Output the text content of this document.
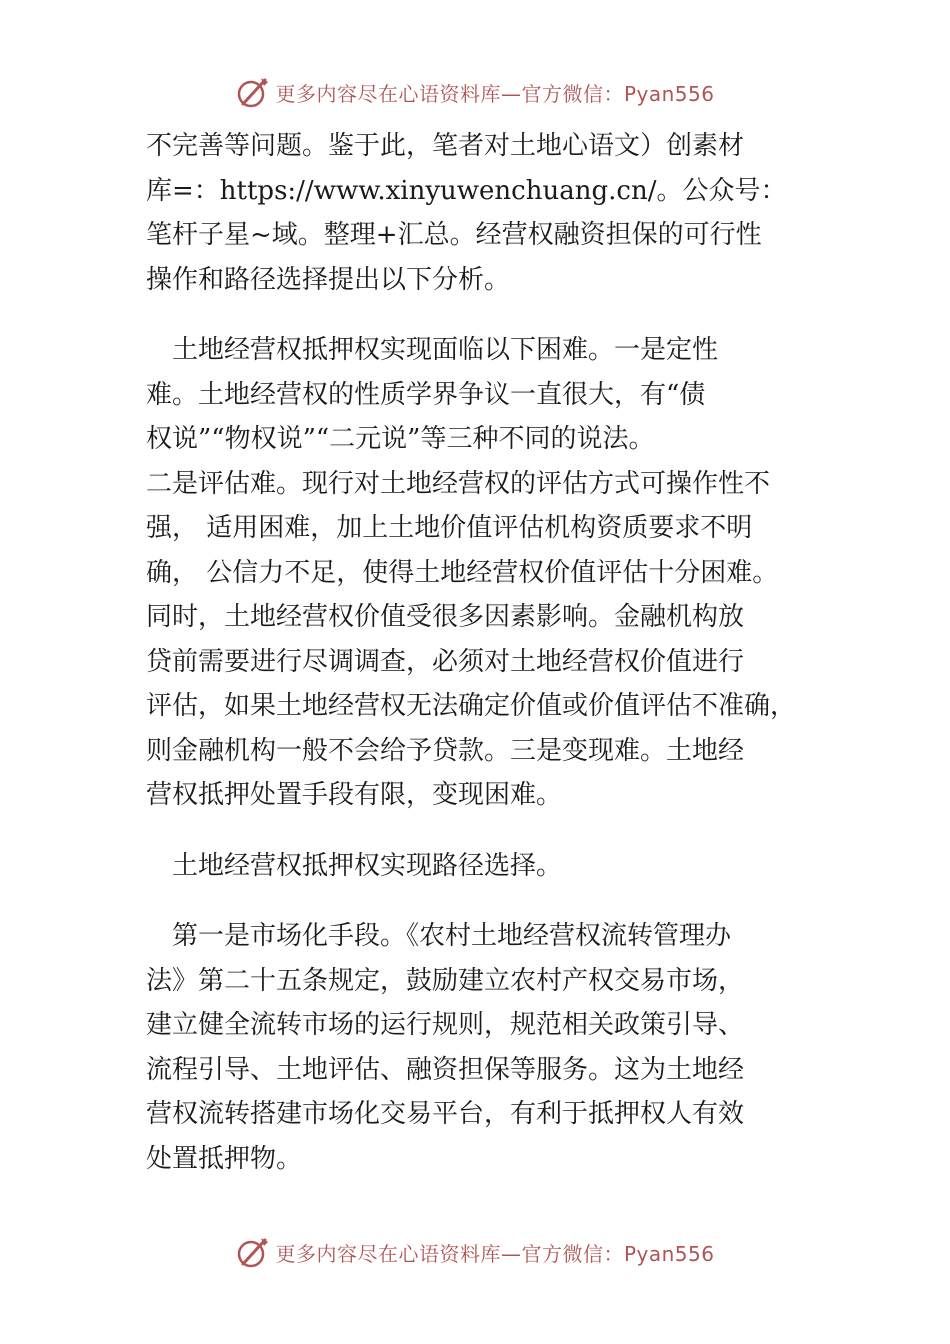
更多内容尽在心语资料库—官方微信：Pyan556
不完善等问题。鉴于此，笔者对土地心语文）创素材
库=：https://www.xinyuwenchuang.cn/。公众号：
笔杆子星~域。整理+汇总。经营权融资担保的可行性
操作和路径选择提出以下分析。
　土地经营权抵押权实现面临以下困难。一是定性
难。土地经营权的性质学界争议一直很大，有“债
权说”“物权说”“二元说”等三种不同的说法。
二是评估难。现行对土地经营权的评估方式可操作性不
强， 适用困难，加上土地价值评估机构资质要求不明
确， 公信力不足，使得土地经营权价值评估十分困难。
同时，土地经营权价值受很多因素影响。金融机构放
贷前需要进行尽调调查，必须对土地经营权价值进行
评估，如果土地经营权无法确定价值或价值评估不准确，
则金融机构一般不会给予贷款。三是变现难。土地经
营权抵押处置手段有限，变现困难。
　土地经营权抵押权实现路径选择。
　第一是市场化手段。《农村土地经营权流转管理办
法》第二十五条规定，鼓励建立农村产权交易市场，
建立健全流转市场的运行规则，规范相关政策引导、
流程引导、土地评估、融资担保等服务。这为土地经
营权流转搭建市场化交易平台，有利于抵押权人有效
处置抵押物。
更多内容尽在心语资料库—官方微信：Pyan556
